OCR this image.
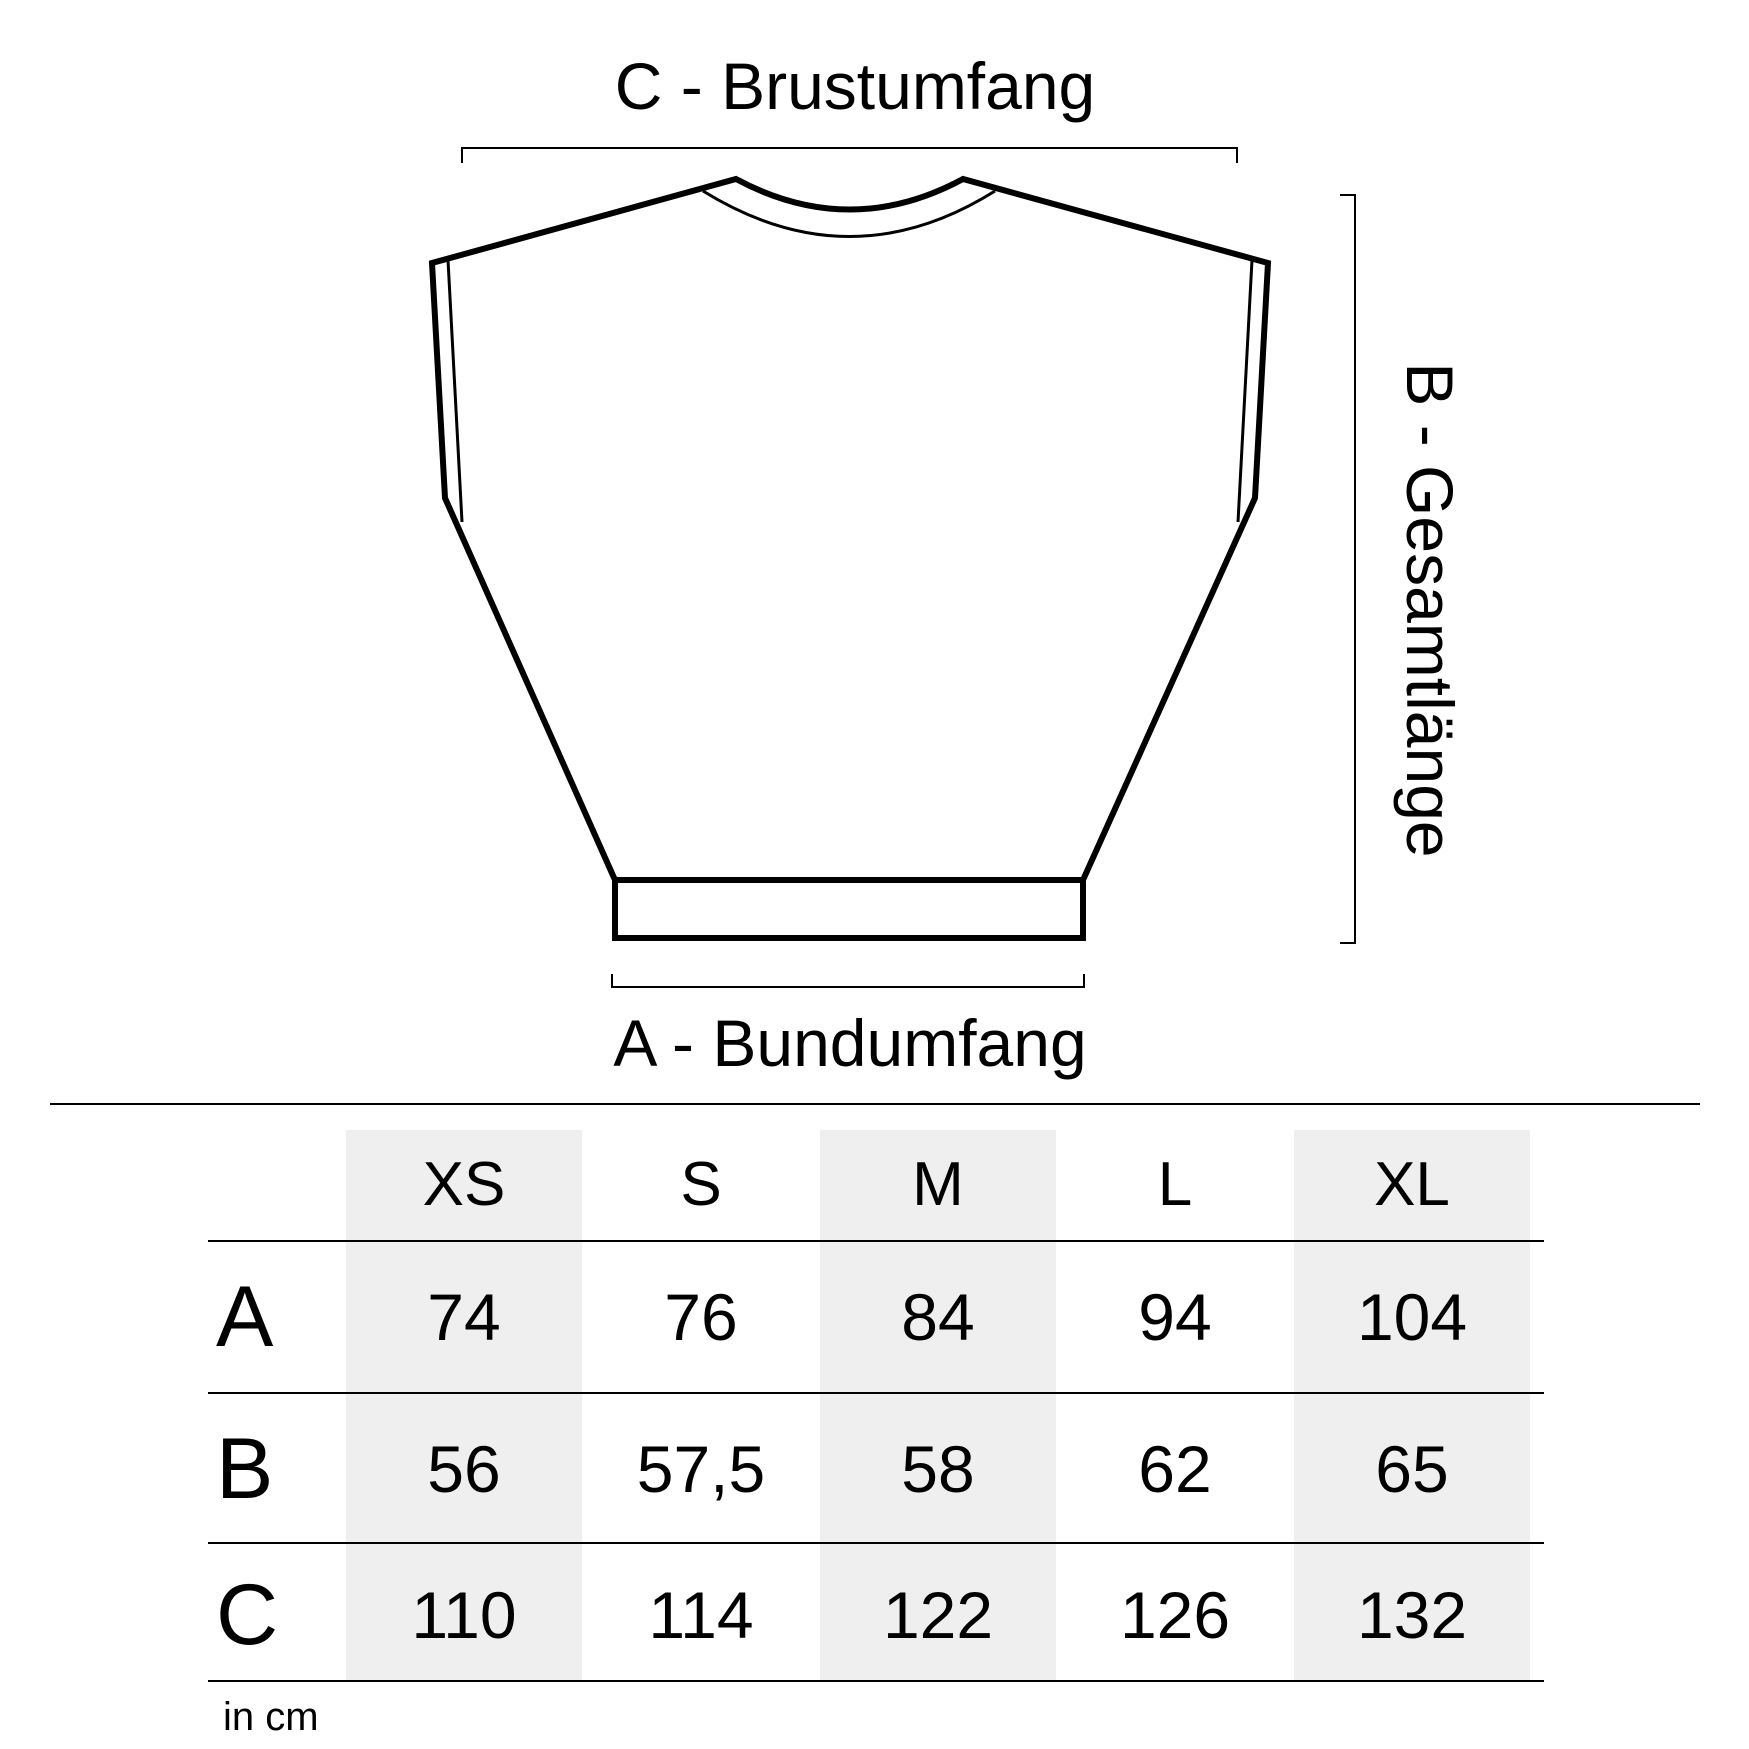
C - Brustumfang
B - Gesamtlänge
A - Bundumfang
XS	S	M	L	XL
A	74	76	84	94	104
B	56	57,5	58	62	65
C	110	114	122	126	132
in cm
